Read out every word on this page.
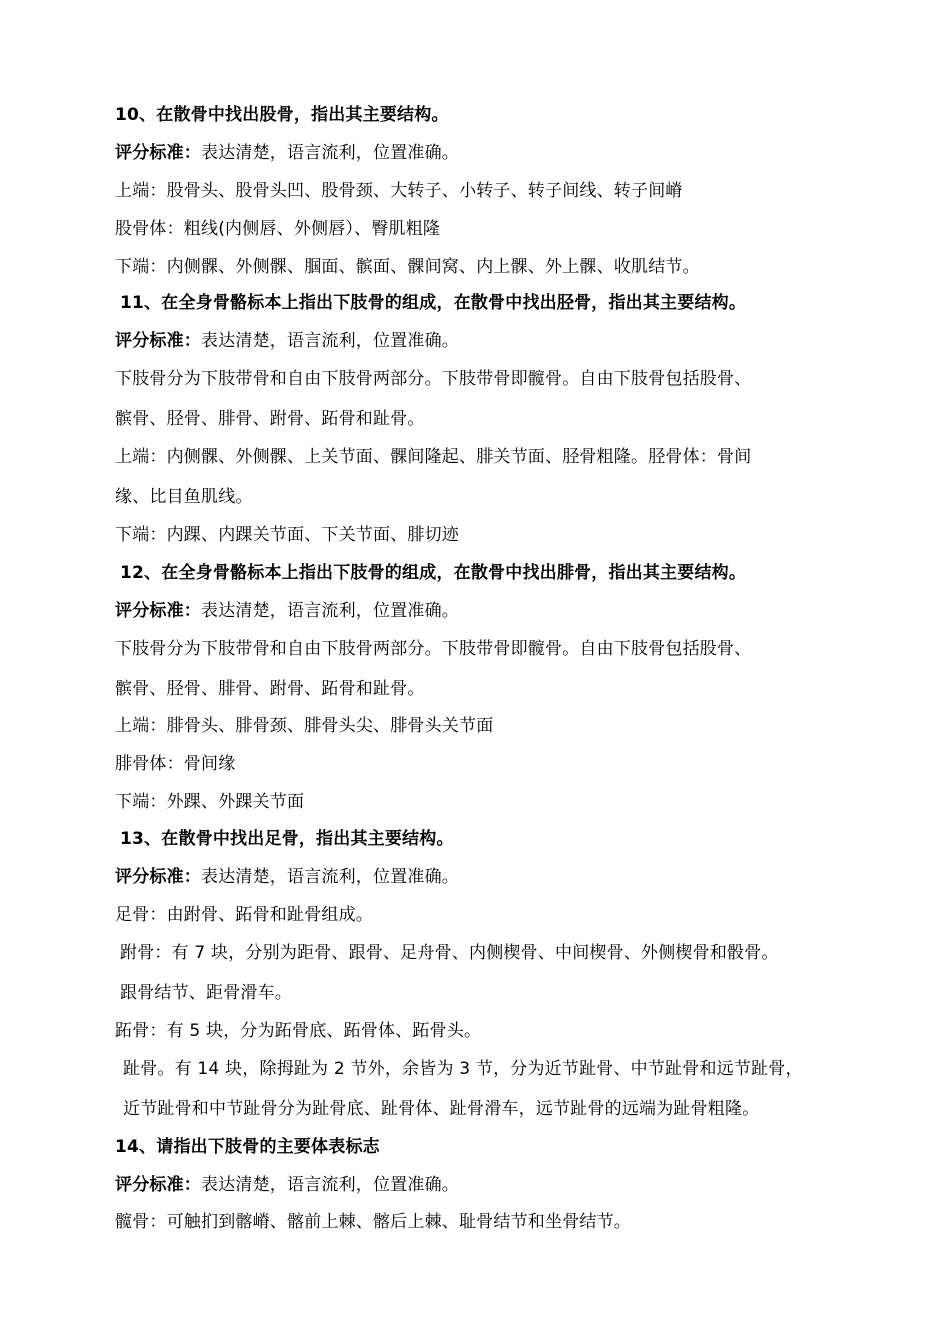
10、在散骨中找出股骨，指出其主要结构。
评分标准：表达清楚，语言流利，位置准确。
上端：股骨头、股骨头凹、股骨颈、大转子、小转子、转子间线、转子间嵴
股骨体：粗线(内侧唇、外侧唇）、臀肌粗隆
下端：内侧髁、外侧髁、腘面、髌面、髁间窝、内上髁、外上髁、收肌结节。
11、在全身骨骼标本上指出下肢骨的组成，在散骨中找出胫骨，指出其主要结构。
评分标准：表达清楚，语言流利，位置准确。
下肢骨分为下肢带骨和自由下肢骨两部分。下肢带骨即髋骨。自由下肢骨包括股骨、
髌骨、胫骨、腓骨、跗骨、跖骨和趾骨。
上端：内侧髁、外侧髁、上关节面、髁间隆起、腓关节面、胫骨粗隆。胫骨体：骨间
缘、比目鱼肌线。
下端：内踝、内踝关节面、下关节面、腓切迹
12、在全身骨骼标本上指出下肢骨的组成，在散骨中找出腓骨，指出其主要结构。
评分标准：表达清楚，语言流利，位置准确。
下肢骨分为下肢带骨和自由下肢骨两部分。下肢带骨即髋骨。自由下肢骨包括股骨、
髌骨、胫骨、腓骨、跗骨、跖骨和趾骨。
上端：腓骨头、腓骨颈、腓骨头尖、腓骨头关节面
腓骨体：骨间缘
下端：外踝、外踝关节面
13、在散骨中找出足骨，指出其主要结构。
评分标准：表达清楚，语言流利，位置准确。
足骨：由跗骨、跖骨和趾骨组成。
跗骨：有 7 块，分别为距骨、跟骨、足舟骨、内侧楔骨、中间楔骨、外侧楔骨和骰骨。
跟骨结节、距骨滑车。
跖骨：有 5 块，分为跖骨底、跖骨体、跖骨头。
趾骨。有 14 块，除拇趾为 2 节外，余皆为 3 节，分为近节趾骨、中节趾骨和远节趾骨，
近节趾骨和中节趾骨分为趾骨底、趾骨体、趾骨滑车，远节趾骨的远端为趾骨粗隆。
14、请指出下肢骨的主要体表标志
评分标准：表达清楚，语言流利，位置准确。
髋骨：可触扪到髂嵴、髂前上棘、髂后上棘、耻骨结节和坐骨结节。
